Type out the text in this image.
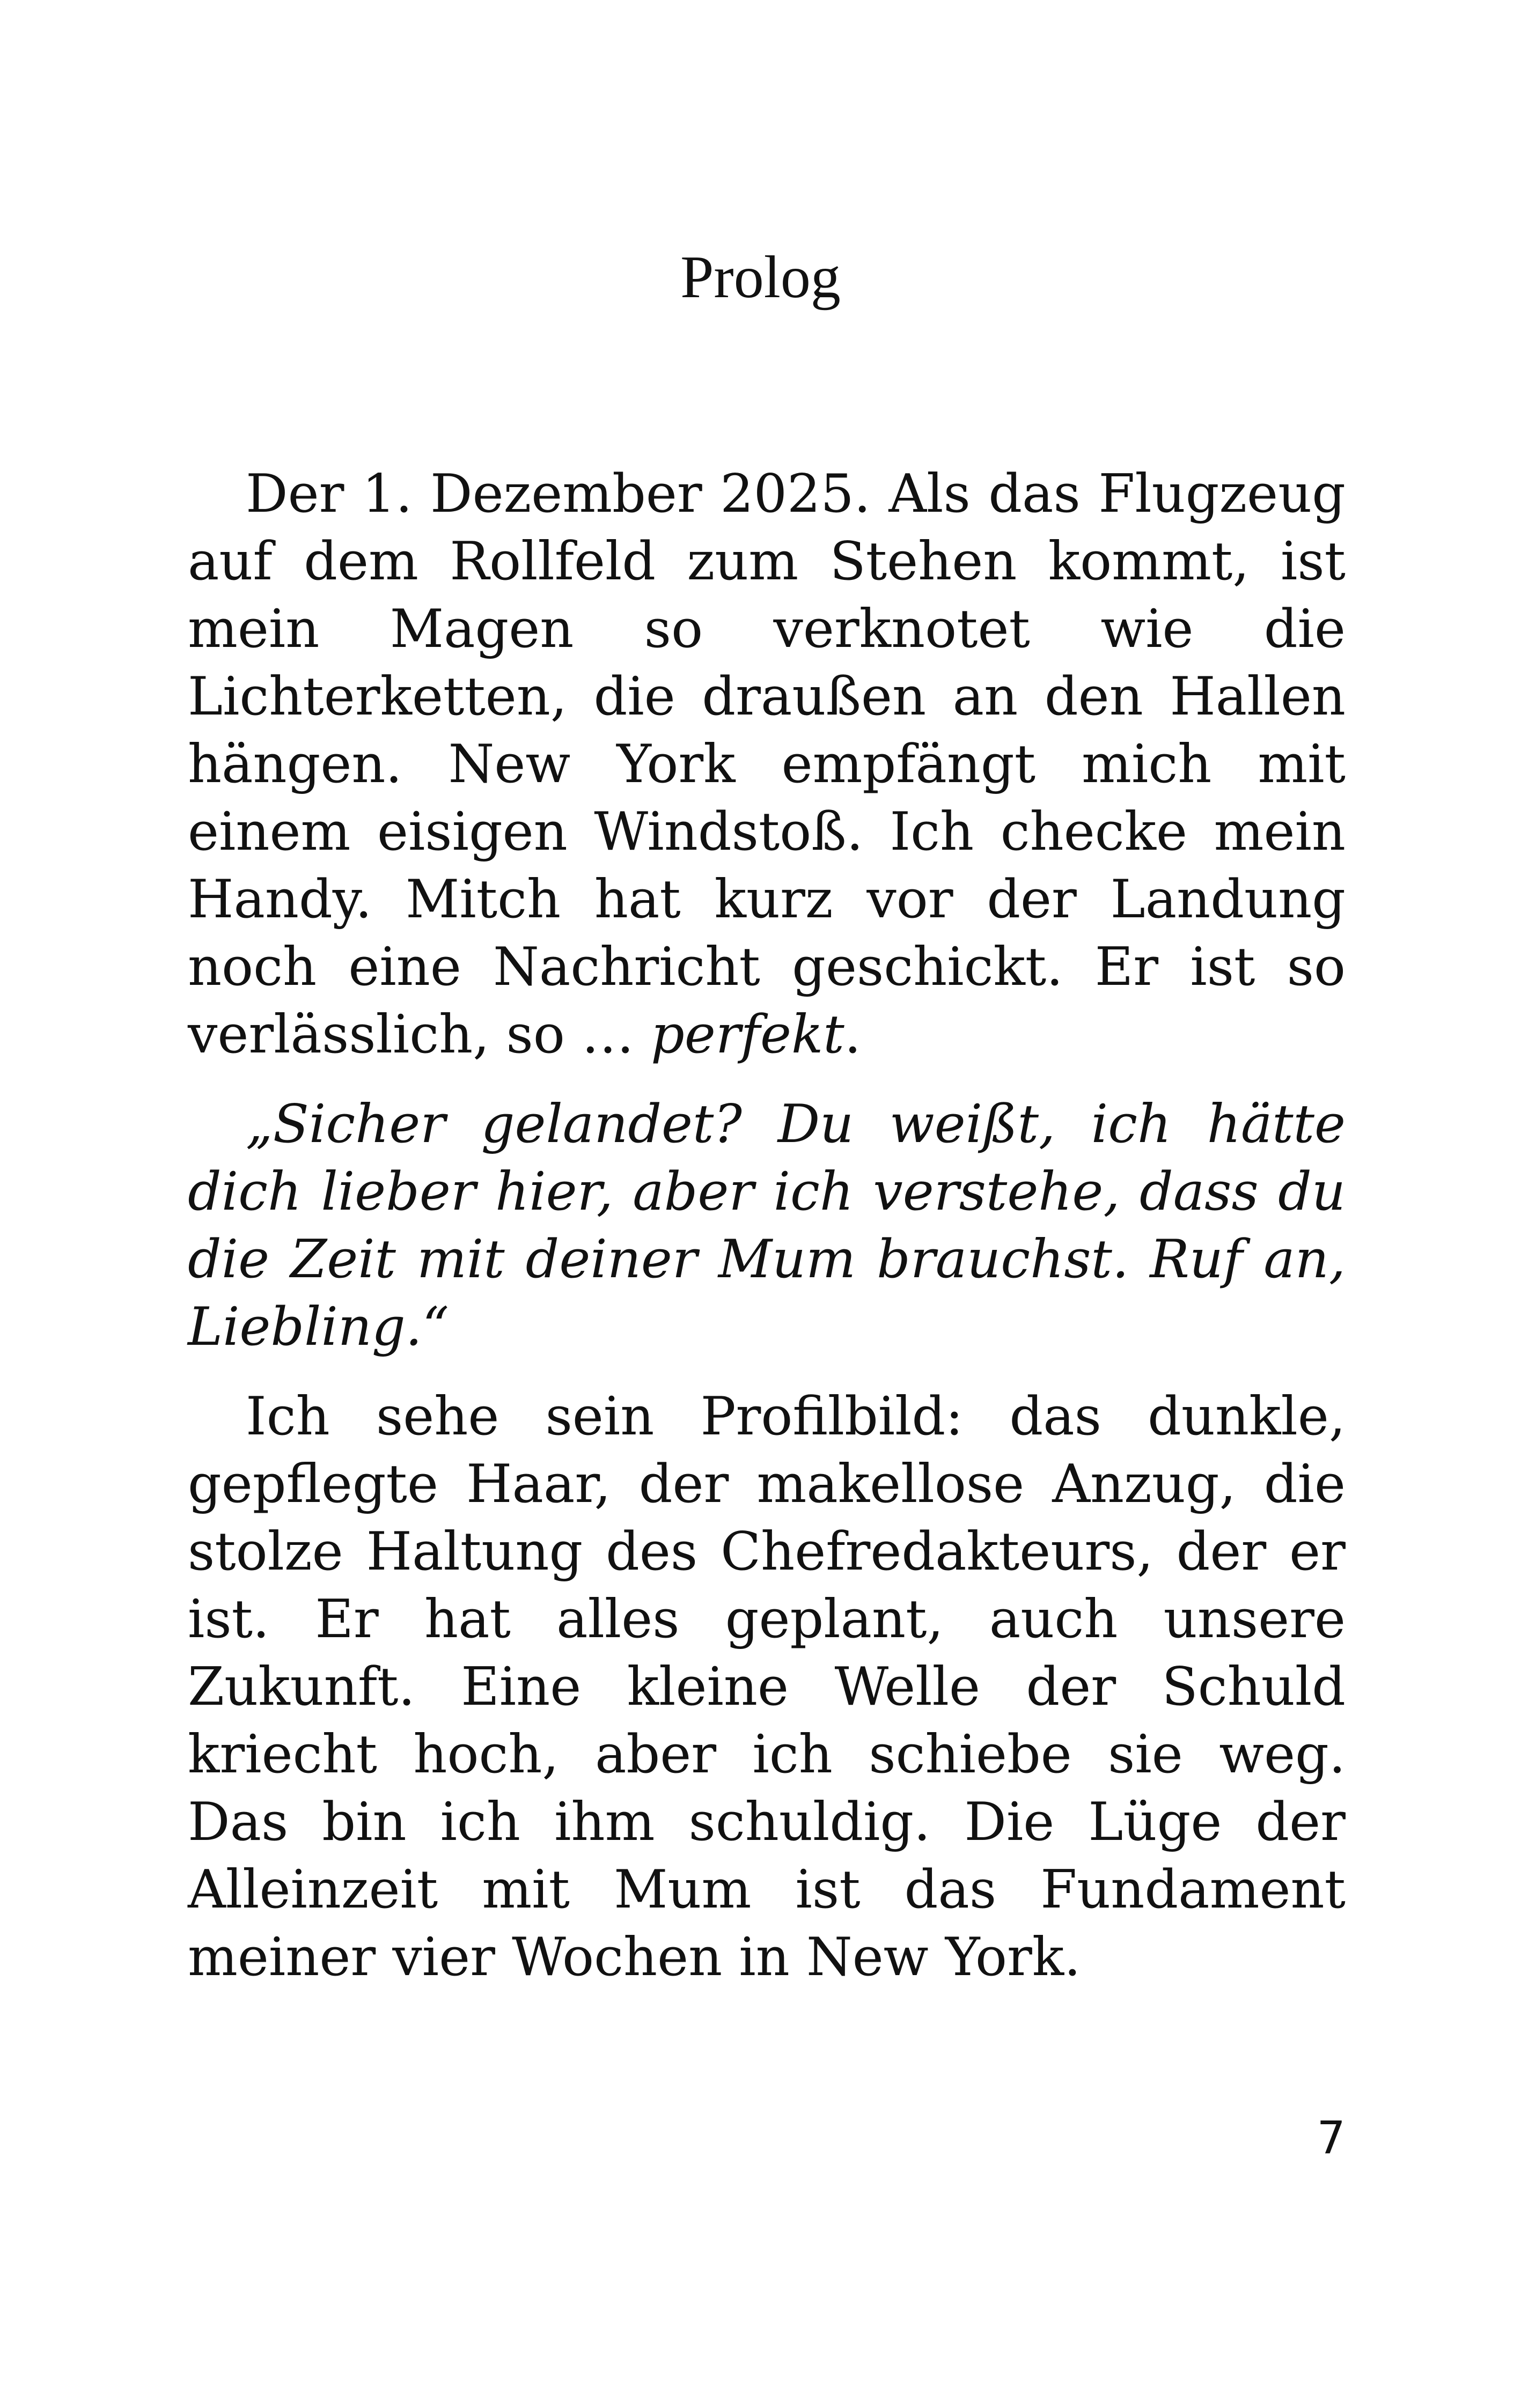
Prolog

Der 1. Dezember 2025. Als das Flugzeug auf dem Rollfeld zum Stehen kommt, ist mein Magen so verknotet wie die Lichterketten, die draußen an den Hallen hängen. New York empfängt mich mit einem eisigen Windstoß. Ich checke mein Handy. Mitch hat kurz vor der Landung noch eine Nachricht geschickt. Er ist so verlässlich, so … perfekt.

„Sicher gelandet? Du weißt, ich hätte dich lieber hier, aber ich verstehe, dass du die Zeit mit deiner Mum brauchst. Ruf an, Liebling.“

Ich sehe sein Profilbild: das dunkle, gepflegte Haar, der makellose Anzug, die stolze Haltung des Chefredakteurs, der er ist. Er hat alles geplant, auch unsere Zukunft. Eine kleine Welle der Schuld kriecht hoch, aber ich schiebe sie weg. Das bin ich ihm schuldig. Die Lüge der Alleinzeit mit Mum ist das Fundament meiner vier Wochen in New York.

7
